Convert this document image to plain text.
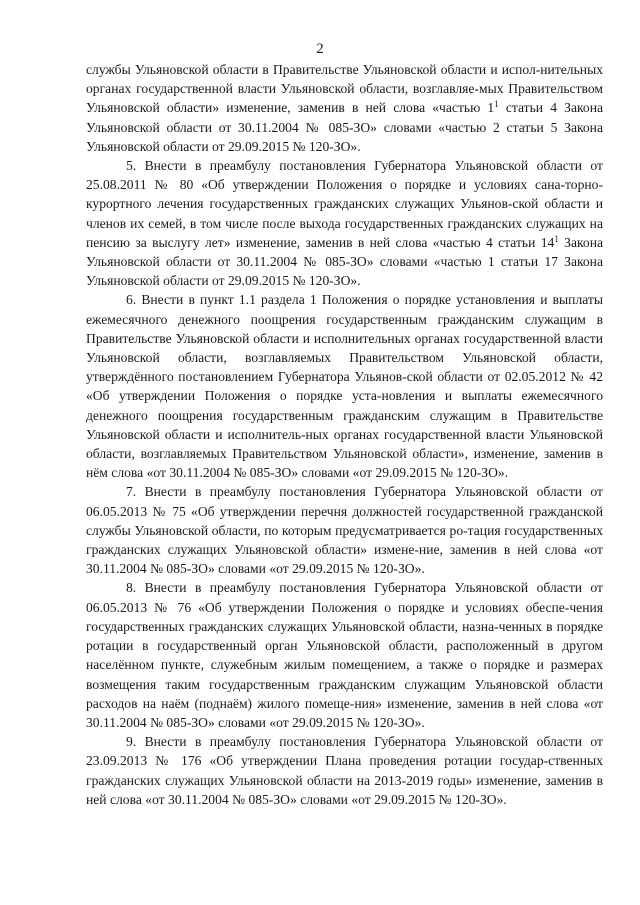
2

службы Ульяновской области в Правительстве Ульяновской области и испол-нительных органах государственной власти Ульяновской области, возглавляе-мых Правительством Ульяновской области» изменение, заменив в ней слова «частью $1^1$ статьи 4 Закона Ульяновской области от 30.11.2004 № 085-ЗО» словами «частью 2 статьи 5 Закона Ульяновской области от 29.09.2015 № 120-ЗО».

5. Внести в преамбулу постановления Губернатора Ульяновской области от 25.08.2011 № 80 «Об утверждении Положения о порядке и условиях сана-торно-курортного лечения государственных гражданских служащих Ульянов-ской области и членов их семей, в том числе после выхода государственных гражданских служащих на пенсию за выслугу лет» изменение, заменив в ней слова «частью 4 статьи $14^1$ Закона Ульяновской области от 30.11.2004 № 085-ЗО» словами «частью 1 статьи 17 Закона Ульяновской области от 29.09.2015 № 120-ЗО».

6. Внести в пункт 1.1 раздела 1 Положения о порядке установления и выплаты ежемесячного денежного поощрения государственным гражданским служащим в Правительстве Ульяновской области и исполнительных органах государственной власти Ульяновской области, возглавляемых Правительством Ульяновской области, утверждённого постановлением Губернатора Ульянов-ской области от 02.05.2012 № 42 «Об утверждении Положения о порядке уста-новления и выплаты ежемесячного денежного поощрения государственным гражданским служащим в Правительстве Ульяновской области и исполнитель-ных органах государственной власти Ульяновской области, возглавляемых Правительством Ульяновской области», изменение, заменив в нём слова «от 30.11.2004 № 085-ЗО» словами «от 29.09.2015 № 120-ЗО».

7. Внести в преамбулу постановления Губернатора Ульяновской области от 06.05.2013 № 75 «Об утверждении перечня должностей государственной гражданской службы Ульяновской области, по которым предусматривается ро-тация государственных гражданских служащих Ульяновской области» измене-ние, заменив в ней слова «от 30.11.2004 № 085-ЗО» словами «от 29.09.2015 № 120-ЗО».

8. Внести в преамбулу постановления Губернатора Ульяновской области от 06.05.2013 № 76 «Об утверждении Положения о порядке и условиях обеспе-чения государственных гражданских служащих Ульяновской области, назна-ченных в порядке ротации в государственный орган Ульяновской области, расположенный в другом населённом пункте, служебным жилым помещением, а также о порядке и размерах возмещения таким государственным гражданским служащим Ульяновской области расходов на наём (поднаём) жилого помеще-ния» изменение, заменив в ней слова «от 30.11.2004 № 085-ЗО» словами «от 29.09.2015 № 120-ЗО».

9. Внести в преамбулу постановления Губернатора Ульяновской области от 23.09.2013 № 176 «Об утверждении Плана проведения ротации государ-ственных гражданских служащих Ульяновской области на 2013-2019 годы» изменение, заменив в ней слова «от 30.11.2004 № 085-ЗО» словами «от 29.09.2015 № 120-ЗО».
